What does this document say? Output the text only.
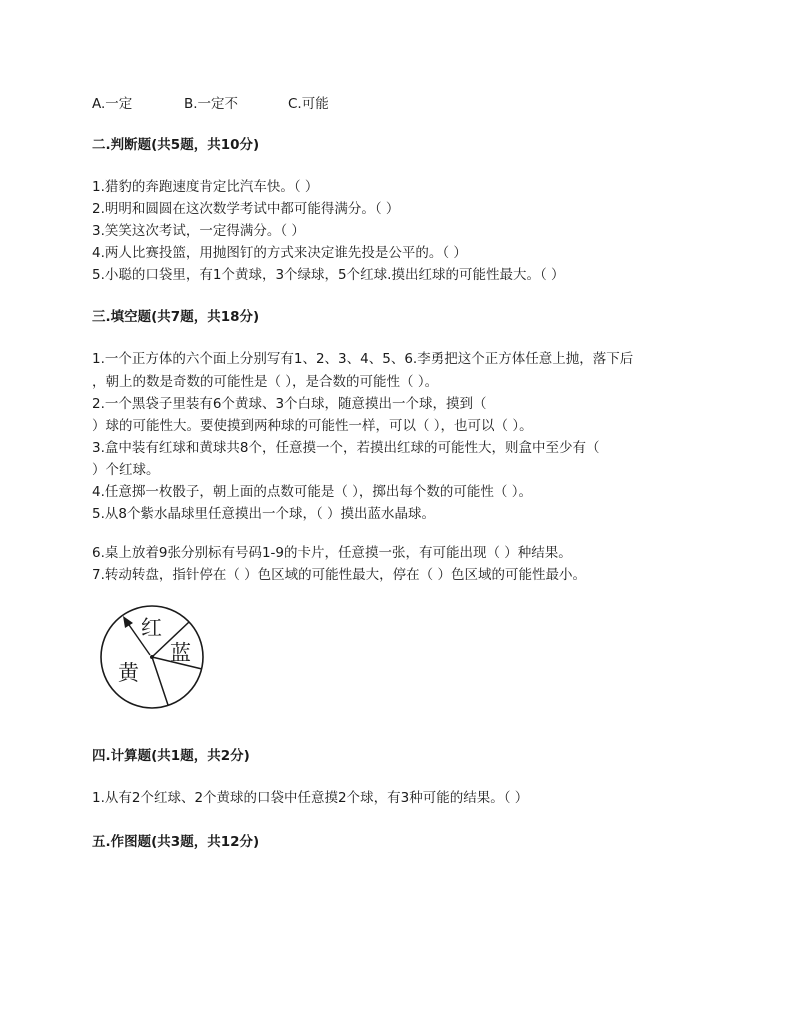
A.一定	B.一定不	C.可能
二.判断题(共5题，共10分)
1.猎豹的奔跑速度肯定比汽车快。（ ）
2.明明和圆圆在这次数学考试中都可能得满分。（ ）
3.笑笑这次考试，一定得满分。（ ）
4.两人比赛投篮，用抛图钉的方式来决定谁先投是公平的。（ ）
5.小聪的口袋里，有1个黄球，3个绿球，5个红球.摸出红球的可能性最大。（ ）
三.填空题(共7题，共18分)
1.一个正方体的六个面上分别写有1、2、3、4、5、6.李勇把这个正方体任意上抛，落下后
，朝上的数是奇数的可能性是（ ），是合数的可能性（ ）。
2.一个黑袋子里装有6个黄球、3个白球，随意摸出一个球，摸到（
）球的可能性大。要使摸到两种球的可能性一样，可以（ ），也可以（ ）。
3.盒中装有红球和黄球共8个，任意摸一个，若摸出红球的可能性大，则盒中至少有（
）个红球。
4.任意掷一枚骰子，朝上面的点数可能是（ ），掷出每个数的可能性（ ）。
5.从8个紫水晶球里任意摸出一个球，（ ）摸出蓝水晶球。
6.桌上放着9张分别标有号码1-9的卡片，任意摸一张，有可能出现（ ）种结果。
7.转动转盘，指针停在（ ）色区域的可能性最大，停在（ ）色区域的可能性最小。
红
蓝
黄
四.计算题(共1题，共2分)
1.从有2个红球、2个黄球的口袋中任意摸2个球，有3种可能的结果。（ ）
五.作图题(共3题，共12分)
